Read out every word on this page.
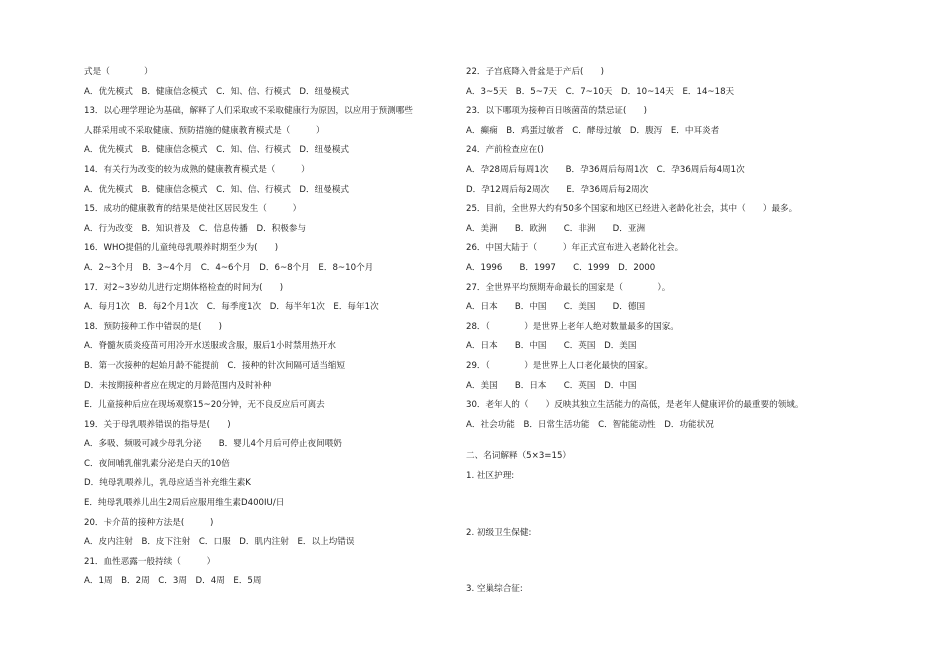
式是（　　　　）
A．优先模式　B．健康信念模式　C．知、信、行模式　D．纽曼模式
13．以心理学理论为基础，解释了人们采取或不采取健康行为原因，以应用于预测哪些
人群采用或不采取健康、预防措施的健康教育模式是（　　　）
A．优先模式　B．健康信念模式　C．知、信、行模式　D．纽曼模式
14．有关行为改变的较为成熟的健康教育模式是（　　　）
A．优先模式　B．健康信念模式　C．知、信、行模式　D．纽曼模式
15．成功的健康教育的结果是使社区居民发生（　　　）
A．行为改变　B．知识普及　C．信息传播　D．积极参与
16．WHO提倡的儿童纯母乳喂养时期至少为(　　)
A．2~3个月　B．3~4个月　C．4~6个月　D．6~8个月　E．8~10个月
17．对2~3岁幼儿进行定期体格检查的时间为(　　)
A．每月1次　B．每2个月1次　C．每季度1次　D．每半年1次　E．每年1次
18．预防接种工作中错误的是(　　)
A．脊髓灰质炎疫苗可用冷开水送服或含服，服后1小时禁用热开水
B．第一次接种的起始月龄不能提前　C．接种的针次间隔可适当缩短
D．未按期接种者应在规定的月龄范围内及时补种
E．儿童接种后应在现场观察15~20分钟，无不良反应后可离去
19．关于母乳喂养错误的指导是(　　)
A．多吸、频吸可减少母乳分泌　　B．婴儿4个月后可停止夜间喂奶
C．夜间哺乳催乳素分泌是白天的10倍
D．纯母乳喂养儿，乳母应适当补充维生素K
E．纯母乳喂养儿出生2周后应服用维生素D400IU/日
20．卡介苗的接种方法是(　　　)
A．皮内注射　B．皮下注射　C．口服　D．肌内注射　E．以上均错误
21．血性恶露一般持续（　　　）
A．1周　B．2周　C．3周　D．4周　E．5周
22．子宫底降入骨盆是于产后(　　)
A．3~5天　B．5~7天　C．7~10天　D．10~14天　E．14~18天
23．以下哪项为接种百日咳菌苗的禁忌证(　　)
A．癫痫　B．鸡蛋过敏者　C．酵母过敏　D．腹泻　E．中耳炎者
24．产前检查应在()
A．孕28周后每周1次　　B．孕36周后每周1次　C．孕36周后每4周1次
D．孕12周后每2周次　　E．孕36周后每2周次
25．目前，全世界大约有50多个国家和地区已经进入老龄化社会，其中（　　）最多。
A．美洲　　B．欧洲　　C．非洲　　D．亚洲
26．中国大陆于（　　　）年正式宣布进入老龄化社会。
A．1996　　B．1997　　C．1999　D．2000
27．全世界平均预期寿命最长的国家是（　　　　）。
A．日本　　B．中国　　C．美国　　D．德国
28．（　　　　）是世界上老年人绝对数量最多的国家。
A．日本　　B．中国　　C．英国　D．美国
29．（　　　　）是世界上人口老化最快的国家。
A．美国　　B．日本　　C．英国　D．中国
30．老年人的（　　）反映其独立生活能力的高低，是老年人健康评价的最重要的领域。
A．社会功能　B．日常生活功能　C．智能能动性　D．功能状况
二、名词解释（5×3=15）
1. 社区护理:
2. 初级卫生保健:
3. 空巢综合征:
